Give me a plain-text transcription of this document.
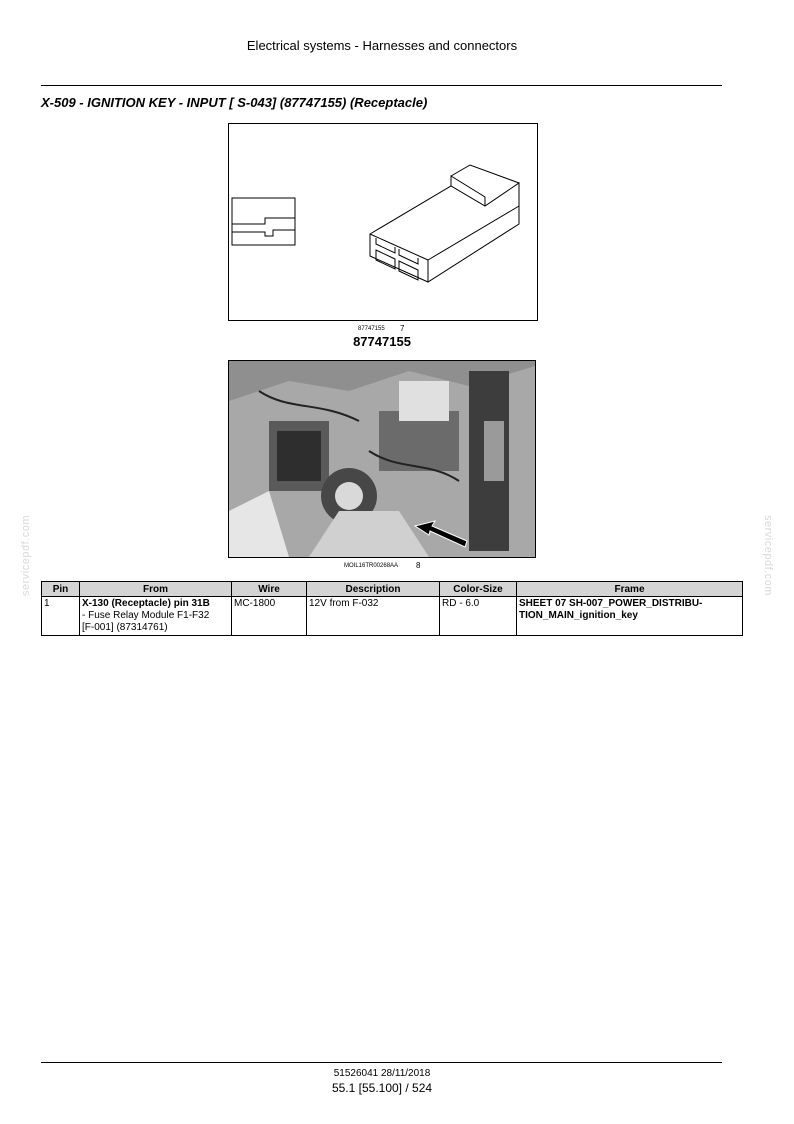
Electrical systems - Harnesses and connectors
X-509 - IGNITION KEY - INPUT [ S-043] (87747155) (Receptacle)
87747155 7
87747155
MOIL16TR00268AA 8
servicepdf.com	servicepdf.com
Pin	From	Wire	Description	Color-Size	Frame
1	X-130 (Receptacle) pin 31B
- Fuse Relay Module F1-F32
[F-001] (87314761)	MC-1800	12V from F-032	RD - 6.0	SHEET 07 SH-007_POWER_DISTRIBU-
TION_MAIN_ignition_key
51526041 28/11/2018
55.1 [55.100] / 524
